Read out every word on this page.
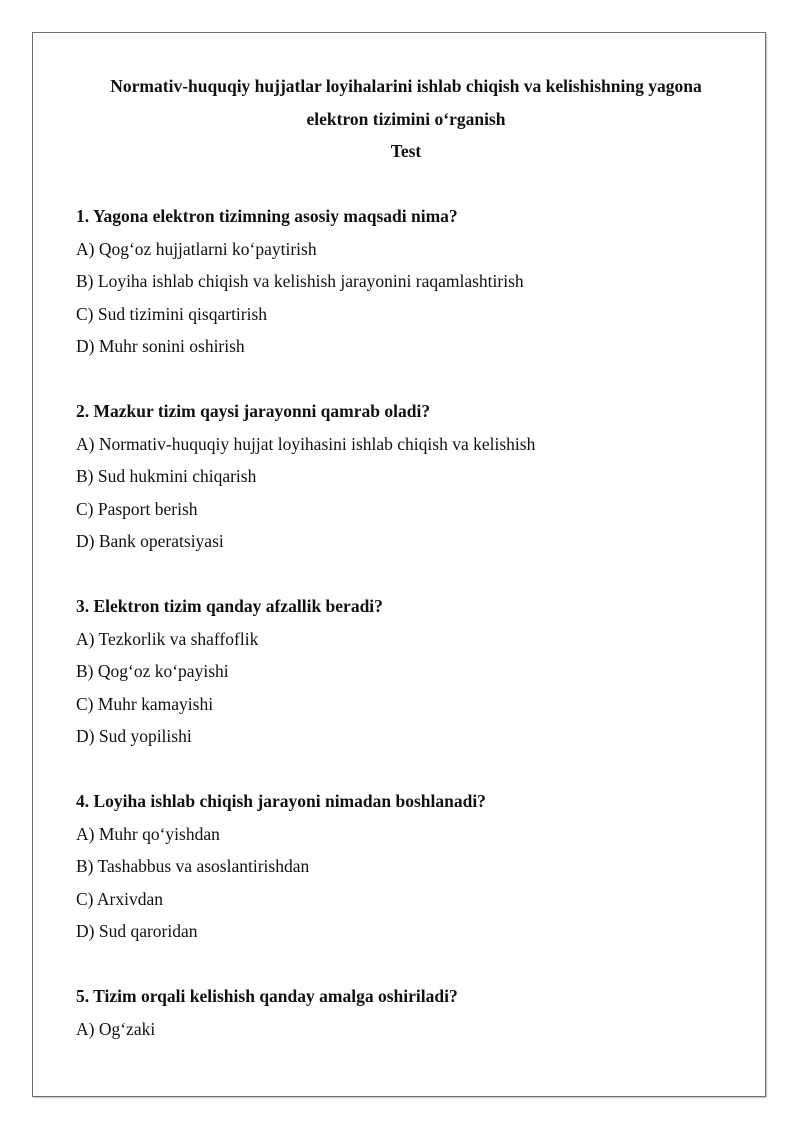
Normativ-huquqiy hujjatlar loyihalarini ishlab chiqish va kelishishning yagona
elektron tizimini o‘rganish
Test
1. Yagona elektron tizimning asosiy maqsadi nima?
A) Qog‘oz hujjatlarni ko‘paytirish
B) Loyiha ishlab chiqish va kelishish jarayonini raqamlashtirish
C) Sud tizimini qisqartirish
D) Muhr sonini oshirish
2. Mazkur tizim qaysi jarayonni qamrab oladi?
A) Normativ-huquqiy hujjat loyihasini ishlab chiqish va kelishish
B) Sud hukmini chiqarish
C) Pasport berish
D) Bank operatsiyasi
3. Elektron tizim qanday afzallik beradi?
A) Tezkorlik va shaffoflik
B) Qog‘oz ko‘payishi
C) Muhr kamayishi
D) Sud yopilishi
4. Loyiha ishlab chiqish jarayoni nimadan boshlanadi?
A) Muhr qo‘yishdan
B) Tashabbus va asoslantirishdan
C) Arxivdan
D) Sud qaroridan
5. Tizim orqali kelishish qanday amalga oshiriladi?
A) Og‘zaki
